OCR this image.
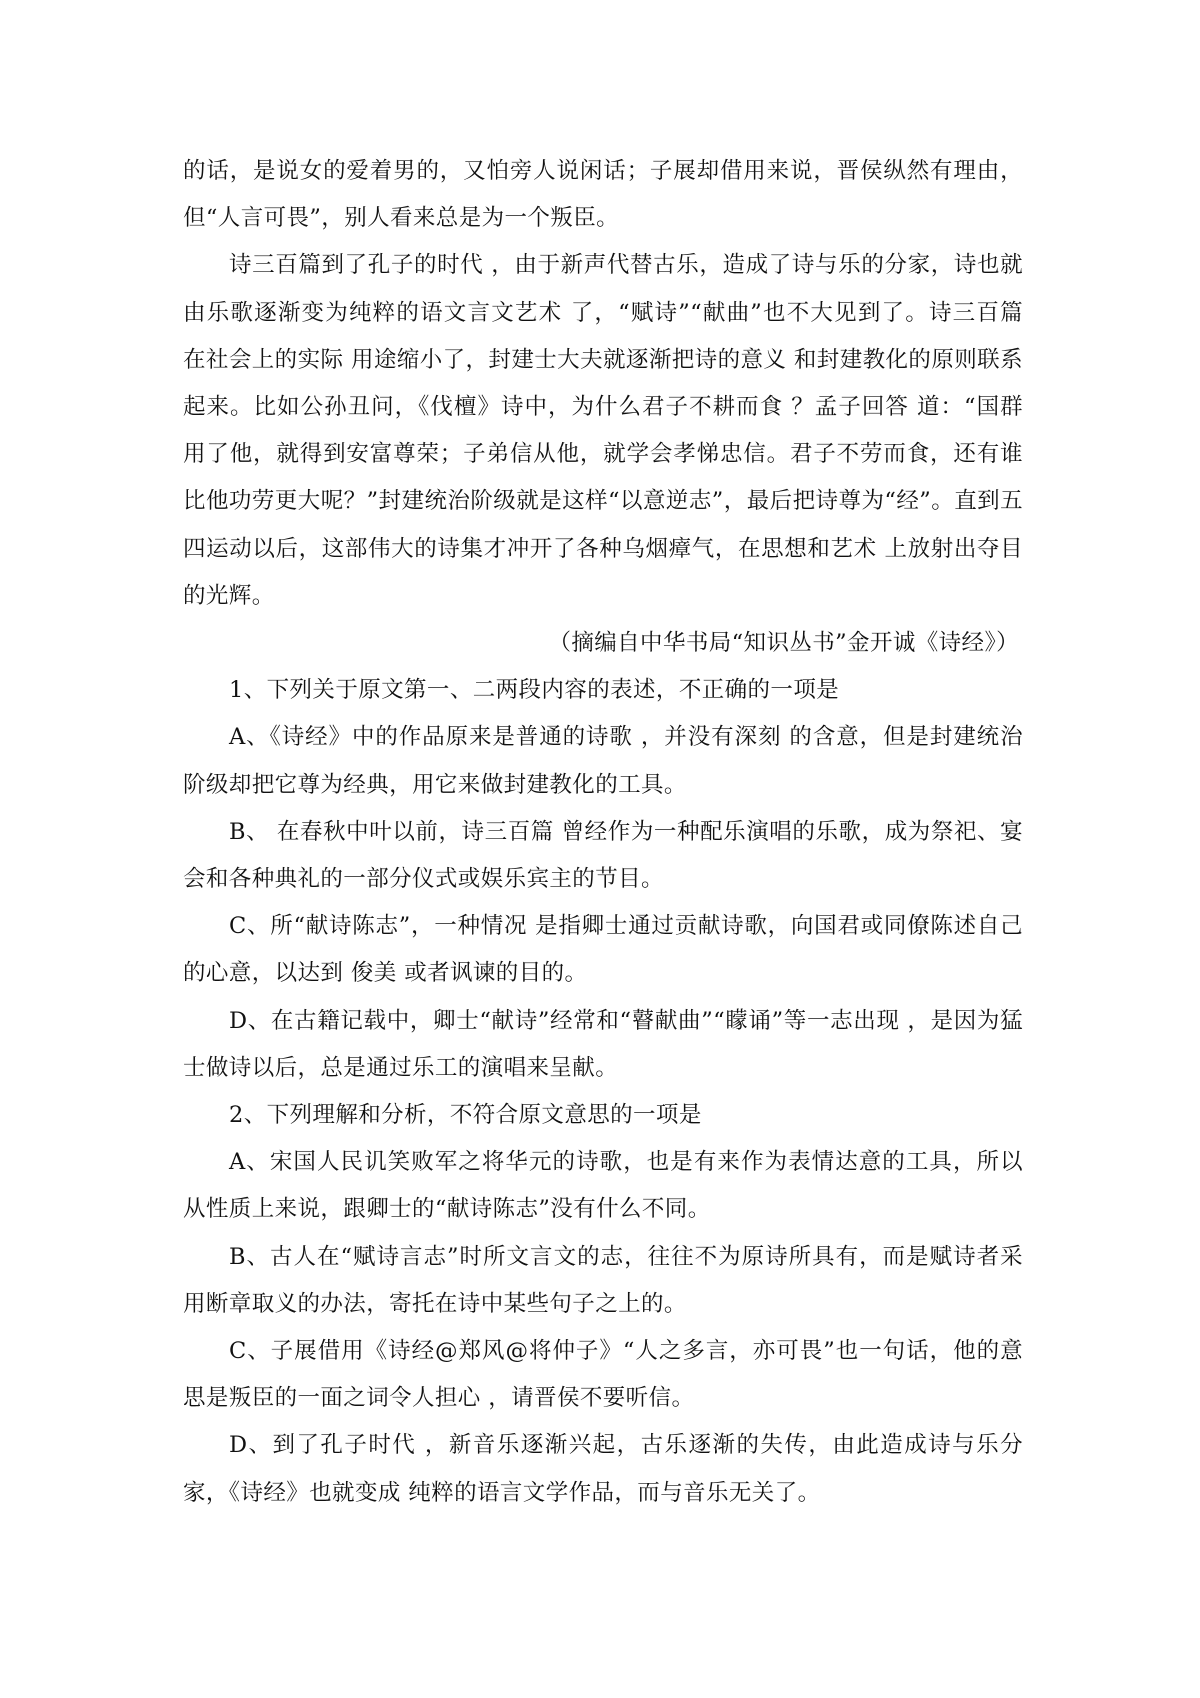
的话，是说女的爱着男的，又怕旁人说闲话；子展却借用来说，晋侯纵然有理由，但“人言可畏”，别人看来总是为一个叛臣。

诗三百篇到了孔子的时代 ，由于新声代替古乐，造成了诗与乐的分家，诗也就由乐歌逐渐变为纯粹的语文言文艺术 了，“赋诗”“献曲”也不大见到了。诗三百篇 在社会上的实际 用途缩小了，封建士大夫就逐渐把诗的意义 和封建教化的原则联系起来。比如公孙丑问，《伐檀》诗中，为什么君子不耕而食 ？孟子回答 道：“国群用了他，就得到安富尊荣；子弟信从他，就学会孝悌忠信。君子不劳而食，还有谁比他功劳更大呢？”封建统治阶级就是这样“以意逆志”，最后把诗尊为“经”。直到五四运动以后，这部伟大的诗集才冲开了各种乌烟瘴气，在思想和艺术 上放射出夺目的光辉。

（摘编自中华书局“知识丛书”金开诚《诗经》）

1、下列关于原文第一、二两段内容的表述，不正确的一项是

A、《诗经》中的作品原来是普通的诗歌 ，并没有深刻 的含意，但是封建统治阶级却把它尊为经典，用它来做封建教化的工具。

B、 在春秋中叶以前，诗三百篇 曾经作为一种配乐演唱的乐歌，成为祭祀、宴会和各种典礼的一部分仪式或娱乐宾主的节目。

C、所“献诗陈志”，一种情况 是指卿士通过贡献诗歌，向国君或同僚陈述自己的心意，以达到 俊美 或者讽谏的目的。

D、在古籍记载中，卿士“献诗”经常和“瞽献曲”“矇诵”等一志出现 ，是因为猛士做诗以后，总是通过乐工的演唱来呈献。

2、下列理解和分析，不符合原文意思的一项是

A、宋国人民讥笑败军之将华元的诗歌，也是有来作为表情达意的工具，所以从性质上来说，跟卿士的“献诗陈志”没有什么不同。

B、古人在“赋诗言志”时所文言文的志，往往不为原诗所具有，而是赋诗者采用断章取义的办法，寄托在诗中某些句子之上的。

C、子展借用《诗经@郑风@将仲子》“人之多言，亦可畏”也一句话，他的意思是叛臣的一面之词令人担心 ，请晋侯不要听信。

D、到了孔子时代 ，新音乐逐渐兴起，古乐逐渐的失传，由此造成诗与乐分家，《诗经》也就变成 纯粹的语言文学作品，而与音乐无关了。
